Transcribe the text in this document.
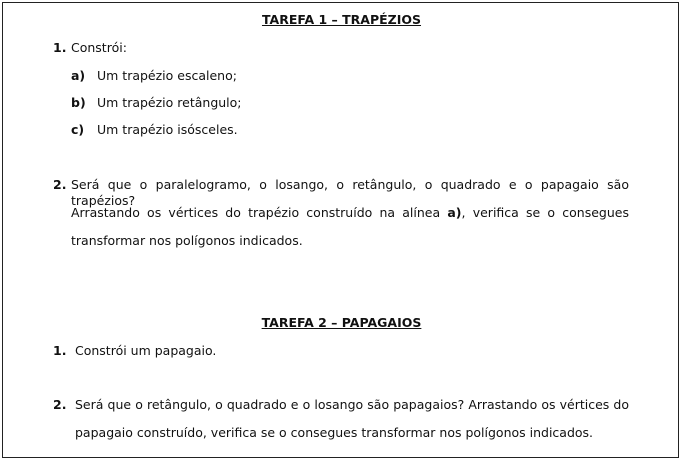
TAREFA 1 – TRAPÉZIOS
1. Constrói:
a) Um trapézio escaleno;
b) Um trapézio retângulo;
c) Um trapézio isósceles.
2. Será que o paralelogramo, o losango, o retângulo, o quadrado e o papagaio são trapézios?
Arrastando os vértices do trapézio construído na alínea a), verifica se o consegues
transformar nos polígonos indicados.
TAREFA 2 – PAPAGAIOS
1. Constrói um papagaio.
2. Será que o retângulo, o quadrado e o losango são papagaios? Arrastando os vértices do
papagaio construído, verifica se o consegues transformar nos polígonos indicados.
